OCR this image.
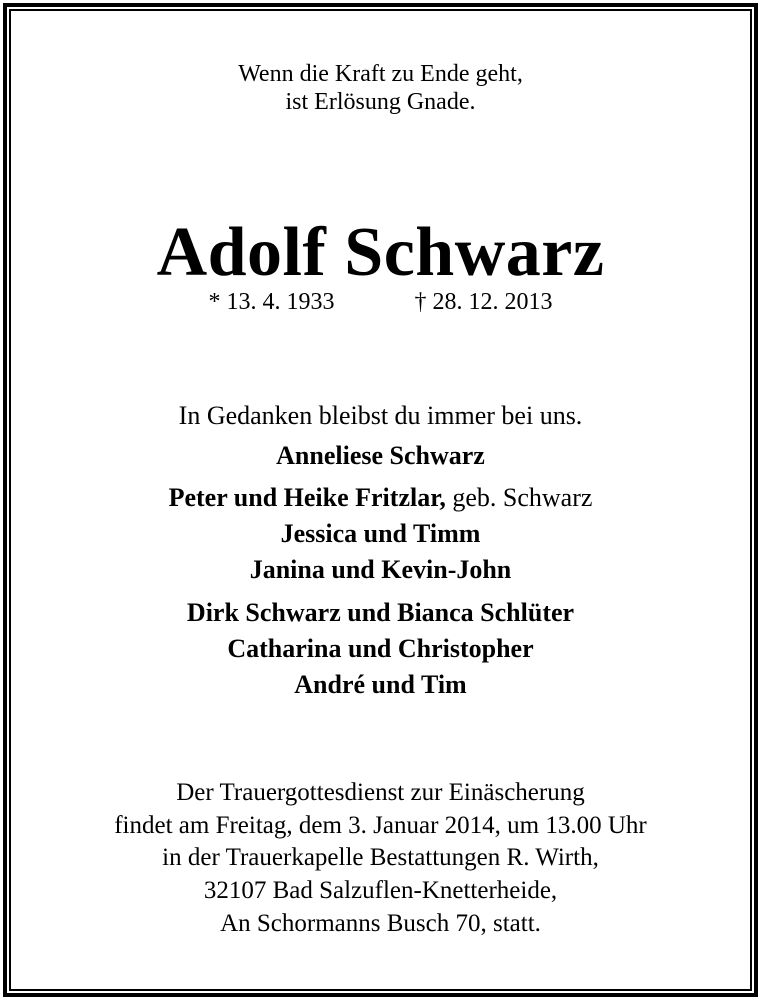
Wenn die Kraft zu Ende geht,
ist Erlösung Gnade.
Adolf Schwarz
* 13. 4. 1933	† 28. 12. 2013
In Gedanken bleibst du immer bei uns.
Anneliese Schwarz
Peter und Heike Fritzlar, geb. Schwarz
Jessica und Timm
Janina und Kevin-John
Dirk Schwarz und Bianca Schlüter
Catharina und Christopher
André und Tim
Der Trauergottesdienst zur Einäscherung
findet am Freitag, dem 3. Januar 2014, um 13.00 Uhr
in der Trauerkapelle Bestattungen R. Wirth,
32107 Bad Salzuflen-Knetterheide,
An Schormanns Busch 70, statt.
